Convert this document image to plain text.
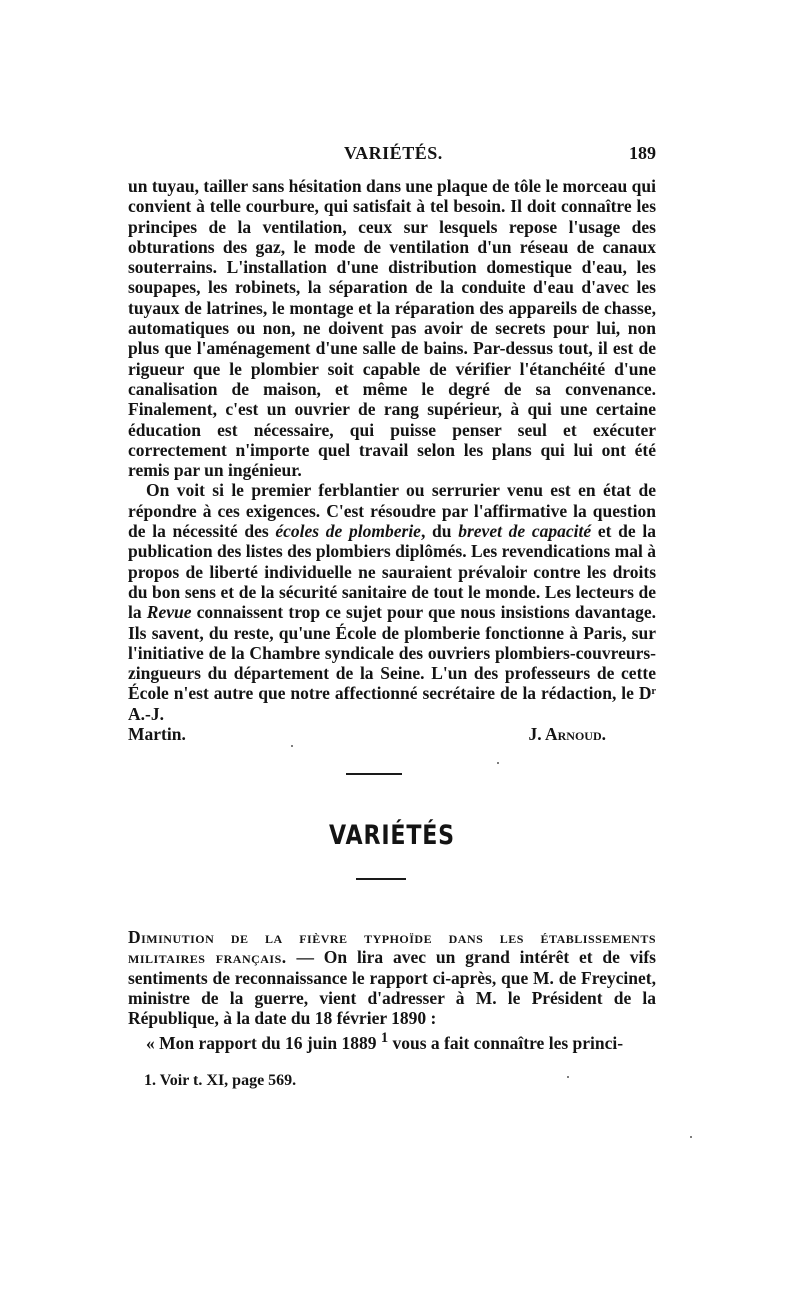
VARIÉTÉS.	189

un tuyau, tailler sans hésitation dans une plaque de tôle le morceau qui convient à telle courbure, qui satisfait à tel besoin. Il doit connaître les principes de la ventilation, ceux sur lesquels repose l'usage des obturations des gaz, le mode de ventilation d'un réseau de canaux souterrains. L'installation d'une distribution domestique d'eau, les soupapes, les robinets, la séparation de la conduite d'eau d'avec les tuyaux de latrines, le montage et la réparation des appareils de chasse, automatiques ou non, ne doivent pas avoir de secrets pour lui, non plus que l'aménagement d'une salle de bains. Par-dessus tout, il est de rigueur que le plombier soit capable de vérifier l'étanchéité d'une canalisation de maison, et même le degré de sa convenance. Finalement, c'est un ouvrier de rang supérieur, à qui une certaine éducation est nécessaire, qui puisse penser seul et exécuter correctement n'importe quel travail selon les plans qui lui ont été remis par un ingénieur.

On voit si le premier ferblantier ou serrurier venu est en état de répondre à ces exigences. C'est résoudre par l'affirmative la question de la nécessité des écoles de plomberie, du brevet de capacité et de la publication des listes des plombiers diplômés. Les revendications mal à propos de liberté individuelle ne sauraient prévaloir contre les droits du bon sens et de la sécurité sanitaire de tout le monde. Les lecteurs de la Revue connaissent trop ce sujet pour que nous insistions davantage. Ils savent, du reste, qu'une École de plomberie fonctionne à Paris, sur l'initiative de la Chambre syndicale des ouvriers plombiers-couvreurs-zingueurs du département de la Seine. L'un des professeurs de cette École n'est autre que notre affectionné secrétaire de la rédaction, le Dʳ A.-J.

Martin.	J. Arnoud.
VARIÉTÉS

Diminution de la fièvre typhoïde dans les établissements militaires français. — On lira avec un grand intérêt et de vifs sentiments de reconnaissance le rapport ci-après, que M. de Freycinet, ministre de la guerre, vient d'adresser à M. le Président de la République, à la date du 18 février 1890 :

« Mon rapport du 16 juin 1889 $^1$ vous a fait connaître les princi-

1. Voir t. XI, page 569.
